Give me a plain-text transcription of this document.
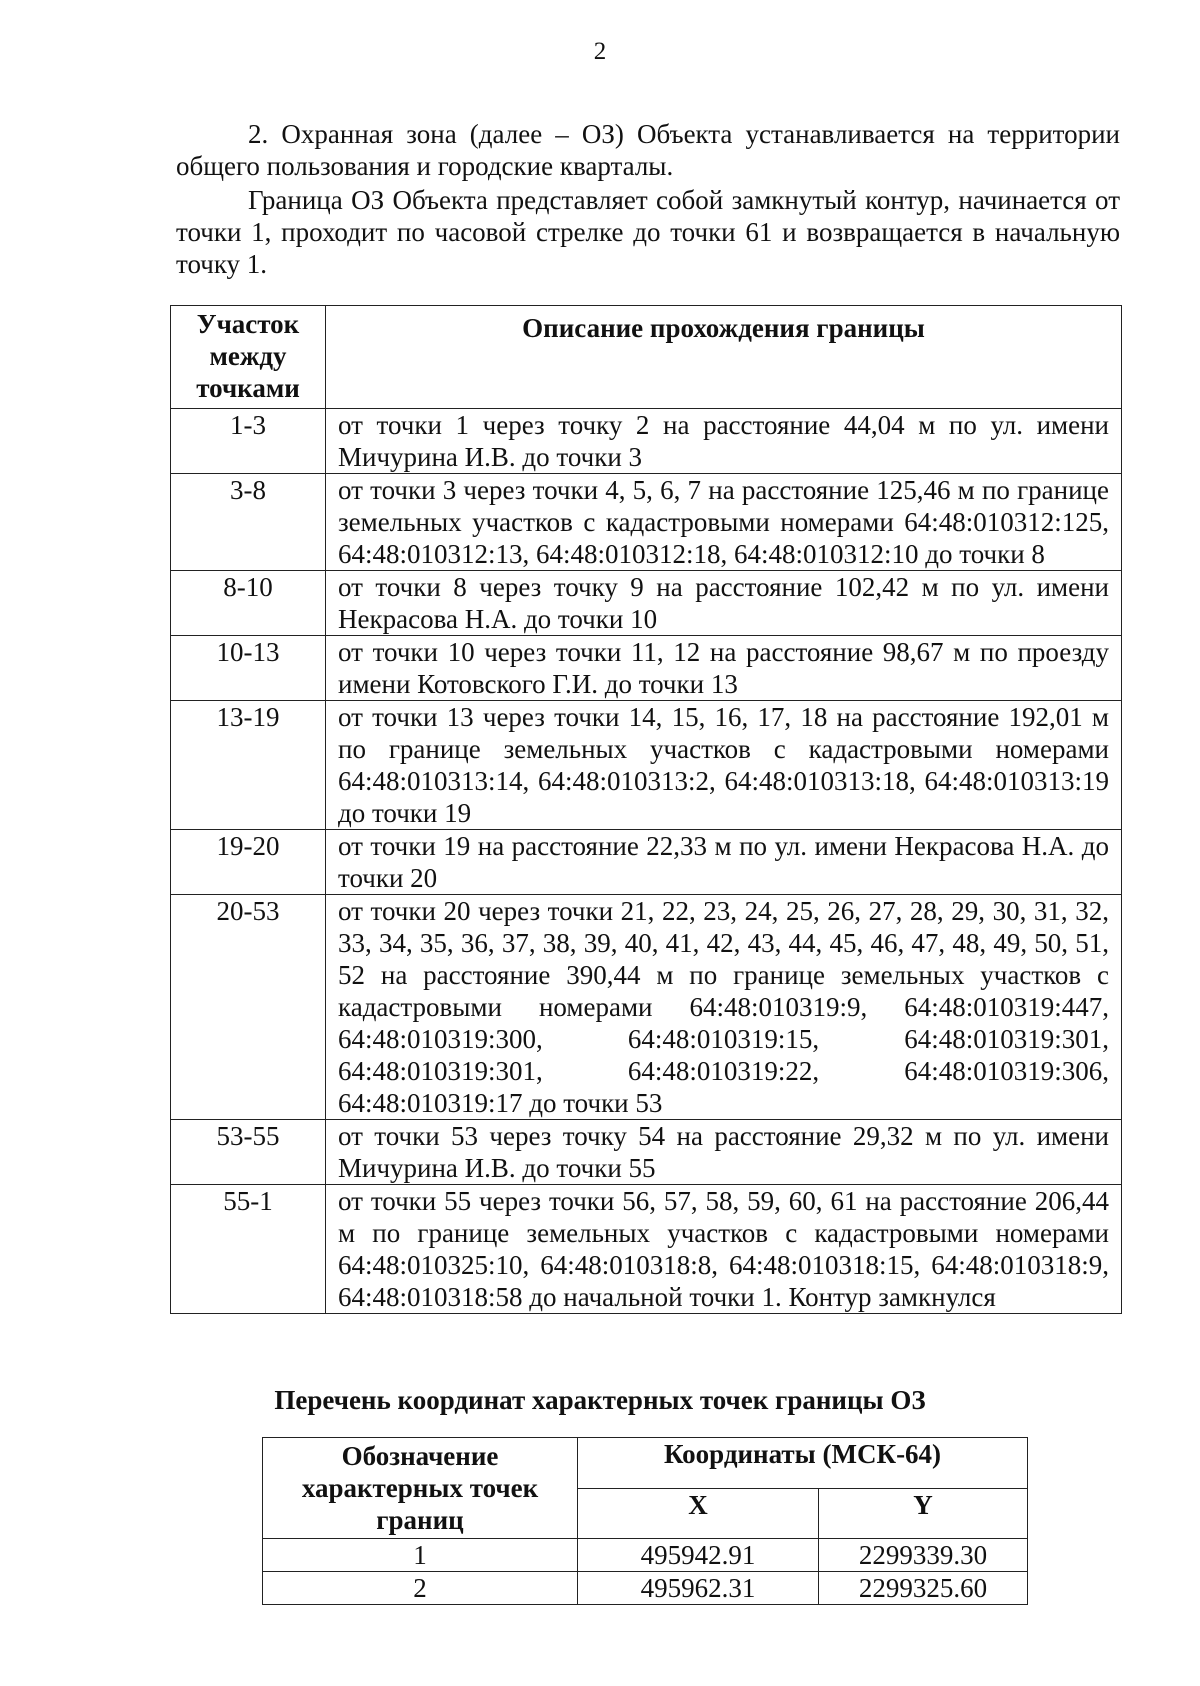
2

2. Охранная зона (далее – ОЗ) Объекта устанавливается на территории общего пользования и городские кварталы.

Граница ОЗ Объекта представляет собой замкнутый контур, начинается от точки 1, проходит по часовой стрелке до точки 61 и возвращается в начальную точку 1.

Участок между точками	Описание прохождения границы
1-3	от точки 1 через точку 2 на расстояние 44,04 м по ул. имени Мичурина И.В. до точки 3
3-8	от точки 3 через точки 4, 5, 6, 7 на расстояние 125,46 м по границе земельных участков с кадастровыми номерами 64:48:010312:125, 64:48:010312:13, 64:48:010312:18, 64:48:010312:10 до точки 8
8-10	от точки 8 через точку 9 на расстояние 102,42 м по ул. имени Некрасова Н.А. до точки 10
10-13	от точки 10 через точки 11, 12 на расстояние 98,67 м по проезду имени Котовского Г.И. до точки 13
13-19	от точки 13 через точки 14, 15, 16, 17, 18 на расстояние 192,01 м по границе земельных участков с кадастровыми номерами 64:48:010313:14, 64:48:010313:2, 64:48:010313:18, 64:48:010313:19 до точки 19
19-20	от точки 19 на расстояние 22,33 м по ул. имени Некрасова Н.А. до точки 20
20-53	от точки 20 через точки 21, 22, 23, 24, 25, 26, 27, 28, 29, 30, 31, 32, 33, 34, 35, 36, 37, 38, 39, 40, 41, 42, 43, 44, 45, 46, 47, 48, 49, 50, 51, 52 на расстояние 390,44 м по границе земельных участков с кадастровыми номерами 64:48:010319:9, 64:48:010319:447, 64:48:010319:300, 64:48:010319:15, 64:48:010319:301, 64:48:010319:301, 64:48:010319:22, 64:48:010319:306, 64:48:010319:17 до точки 53
53-55	от точки 53 через точку 54 на расстояние 29,32 м по ул. имени Мичурина И.В. до точки 55
55-1	от точки 55 через точки 56, 57, 58, 59, 60, 61 на расстояние 206,44 м по границе земельных участков с кадастровыми номерами 64:48:010325:10, 64:48:010318:8, 64:48:010318:15, 64:48:010318:9, 64:48:010318:58 до начальной точки 1. Контур замкнулся
Перечень координат характерных точек границы ОЗ
Обозначение характерных точек границ	Координаты (МСК-64)	
	X	Y
1	495942.91	2299339.30
2	495962.31	2299325.60
